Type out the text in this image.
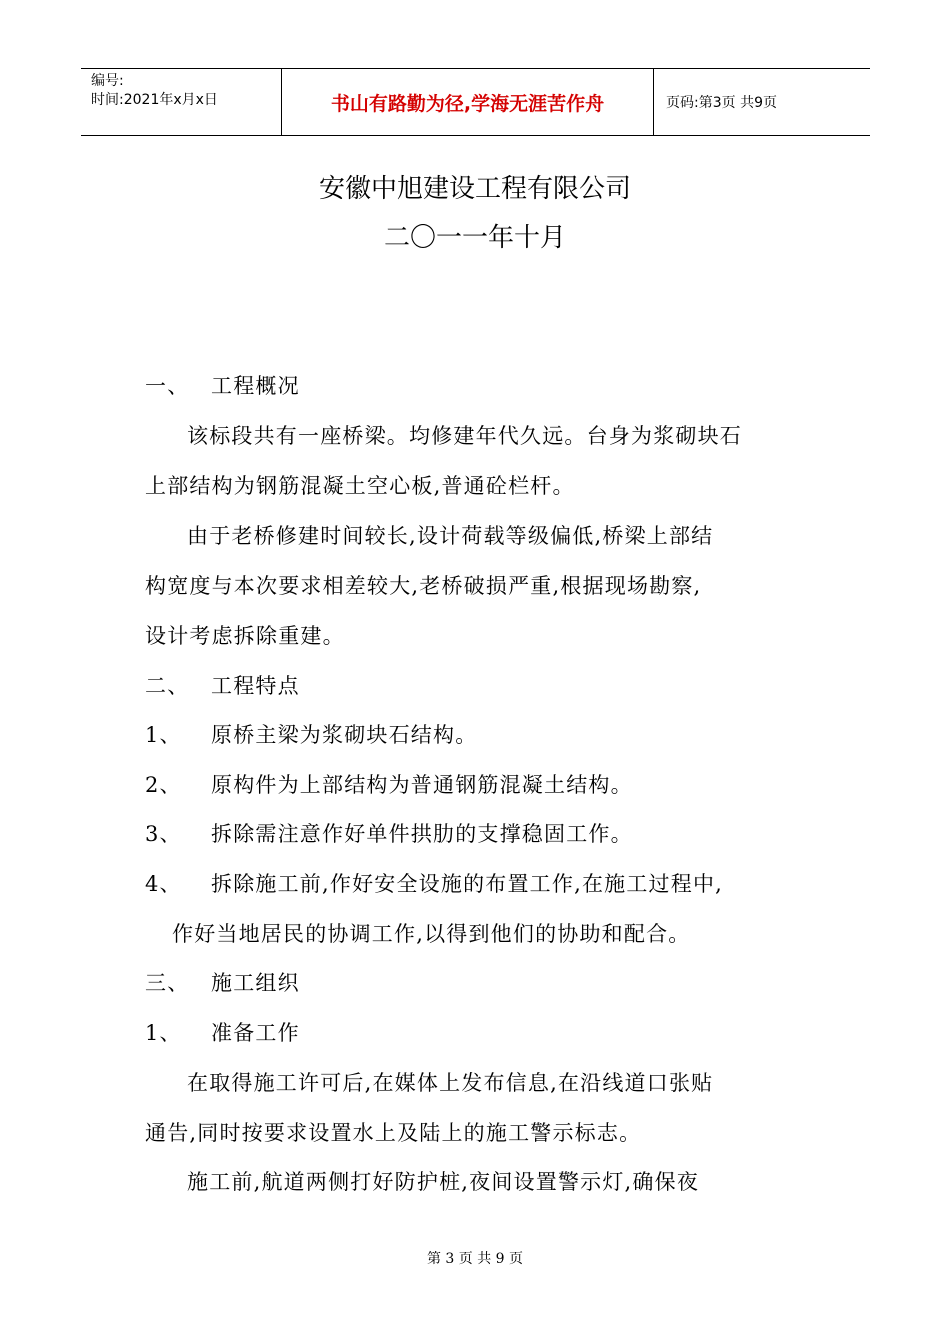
编号:
时间:2021年x月x日	书山有路勤为径,学海无涯苦作舟	页码:第3页 共9页
安徽中旭建设工程有限公司
二〇一一年十月
一、 工程概况
该标段共有一座桥梁。均修建年代久远。台身为浆砌块石
上部结构为钢筋混凝土空心板,普通砼栏杆。
由于老桥修建时间较长,设计荷载等级偏低,桥梁上部结
构宽度与本次要求相差较大,老桥破损严重,根据现场勘察,
设计考虑拆除重建。
二、 工程特点
1、 原桥主梁为浆砌块石结构。
2、 原构件为上部结构为普通钢筋混凝土结构。
3、 拆除需注意作好单件拱肋的支撑稳固工作。
4、 拆除施工前,作好安全设施的布置工作,在施工过程中,
作好当地居民的协调工作,以得到他们的协助和配合。
三、 施工组织
1、 准备工作
在取得施工许可后,在媒体上发布信息,在沿线道口张贴
通告,同时按要求设置水上及陆上的施工警示标志。
施工前,航道两侧打好防护桩,夜间设置警示灯,确保夜
第 3 页 共 9 页
